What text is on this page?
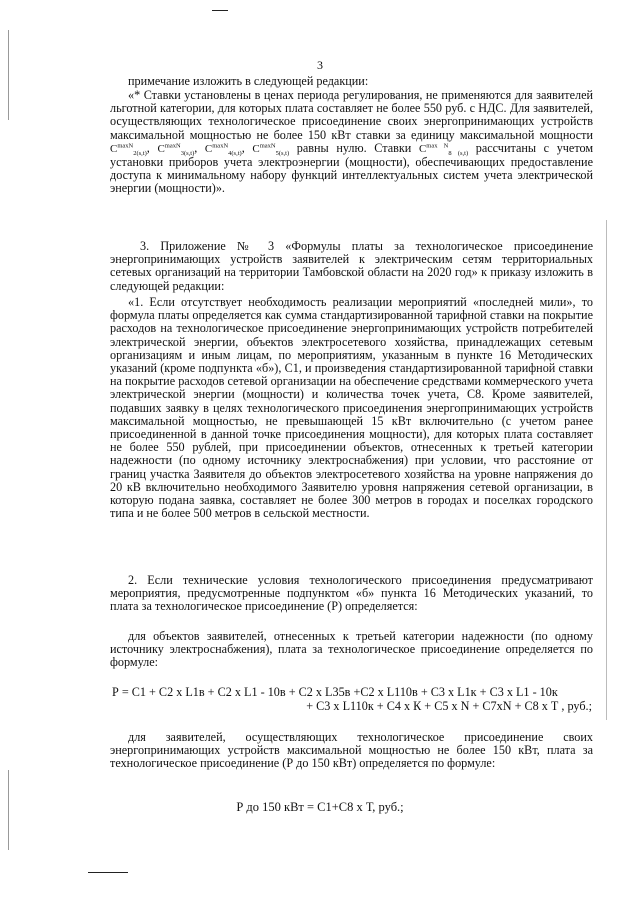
3

примечание изложить в следующей редакции:

«* Ставки установлены в ценах периода регулирования, не применяются для заявителей льготной категории, для которых плата составляет не более 550 руб. с НДС. Для заявителей, осуществляющих технологическое присоединение своих энергопринимающих устройств максимальной мощностью не более 150 кВт ставки за единицу максимальной мощности $C^{maxN}_{2(s,t)}$, $C^{maxN}_{3(s,t)}$, $C^{maxN}_{4(s,t)}$, $C^{maxN}_{5(s,t)}$ равны нулю. Ставки $C^{max N}_{8 (s,t)}$ рассчитаны с учетом установки приборов учета электроэнергии (мощности), обеспечивающих предоставление доступа к минимальному набору функций интеллектуальных систем учета электрической энергии (мощности)».

3. Приложение № 3 «Формулы платы за технологическое присоединение энергопринимающих устройств заявителей к электрическим сетям территориальных сетевых организаций на территории Тамбовской области на 2020 год» к приказу изложить в следующей редакции:

«1. Если отсутствует необходимость реализации мероприятий «последней мили», то формула платы определяется как сумма стандартизированной тарифной ставки на покрытие расходов на технологическое присоединение энергопринимающих устройств потребителей электрической энергии, объектов электросетевого хозяйства, принадлежащих сетевым организациям и иным лицам, по мероприятиям, указанным в пункте 16 Методических указаний (кроме подпункта «б»), С1, и произведения стандартизированной тарифной ставки на покрытие расходов сетевой организации на обеспечение средствами коммерческого учета электрической энергии (мощности) и количества точек учета, С8. Кроме заявителей, подавших заявку в целях технологического присоединения энергопринимающих устройств максимальной мощностью, не превышающей 15 кВт включительно (с учетом ранее присоединенной в данной точке присоединения мощности), для которых плата составляет не более 550 рублей, при присоединении объектов, отнесенных к третьей категории надежности (по одному источнику электроснабжения) при условии, что расстояние от границ участка Заявителя до объектов электросетевого хозяйства на уровне напряжения до 20 кВ включительно необходимого Заявителю уровня напряжения сетевой организации, в которую подана заявка, составляет не более 300 метров в городах и поселках городского типа и не более 500 метров в сельской местности.

2. Если технические условия технологического присоединения предусматривают мероприятия, предусмотренные подпунктом «б» пункта 16 Методических указаний, то плата за технологическое присоединение (Р) определяется:

для объектов заявителей, отнесенных к третьей категории надежности (по одному источнику электроснабжения), плата за технологическое присоединение определяется по формуле:

Р = С1 + С2 х L1в + С2 х L1 - 10в + С2 х L35в +С2 х L110в + С3 х L1к + С3 х L1 - 10к
+ С3 х L110к + С4 х К + С5 х N + С7хN + С8 х Т , руб.;

для заявителей, осуществляющих технологическое присоединение своих энергопринимающих устройств максимальной мощностью не более 150 кВт, плата за технологическое присоединение (Р до 150 кВт) определяется по формуле:

Р до 150 кВт = С1+С8 х Т, руб.;
